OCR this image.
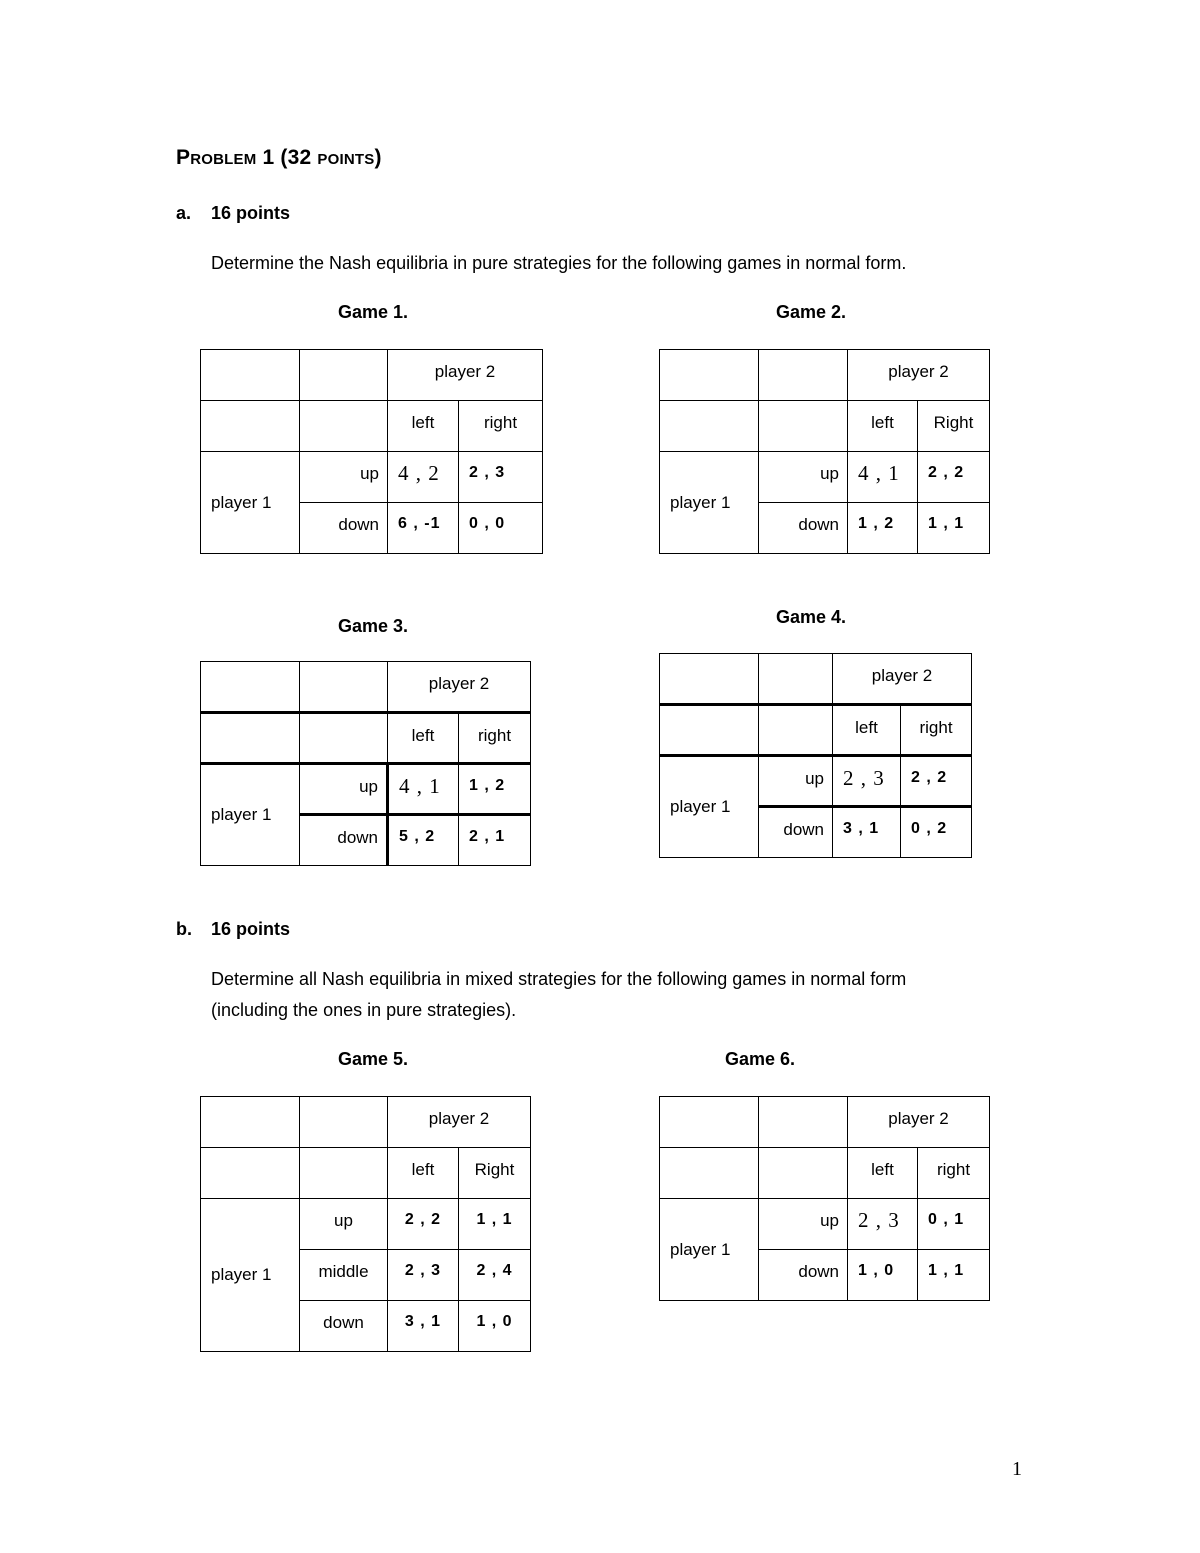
PROBLEM 1 (32 POINTS)
a. 16 points
Determine the Nash equilibria in pure strategies for the following games in normal form.
Game 1.	Game 2.
Game 3.	Game 4.
		player 2	
		left	right
player 1	up	4 , 2	2 , 3
	down	6 , -1	0 , 0
		player 2	
		left	Right
player 1	up	4 , 1	2 , 2
	down	1 , 2	1 , 1
		player 2	
		left	right
player 1	up	4 , 1	1 , 2
	down	5 , 2	2 , 1
		player 2	
		left	right
player 1	up	2 , 3	2 , 2
	down	3 , 1	0 , 2
b. 16 points
Determine all Nash equilibria in mixed strategies for the following games in normal form
(including the ones in pure strategies).
Game 5.	Game 6.
		player 2	
		left	Right
player 1	up	2 , 2	1 , 1
	middle	2 , 3	2 , 4
	down	3 , 1	1 , 0
		player 2	
		left	right
player 1	up	2 , 3	0 , 1
	down	1 , 0	1 , 1
1
